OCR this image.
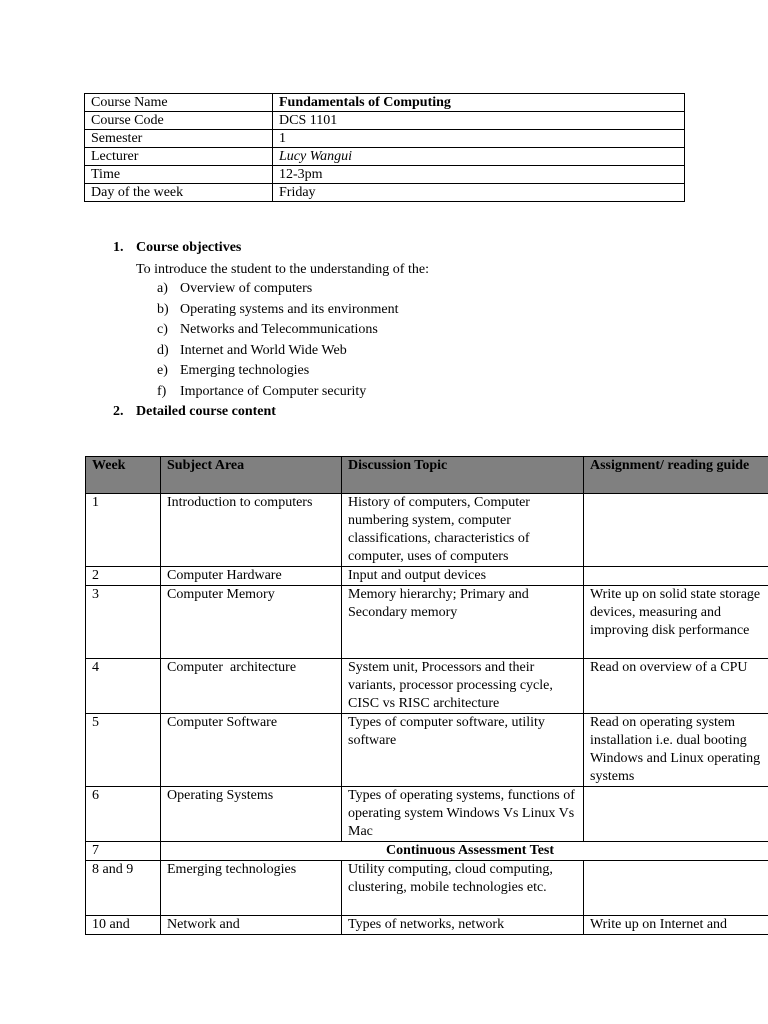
Course Name	Fundamentals of Computing
Course Code	DCS 1101
Semester	1
Lecturer	Lucy Wangui
Time	12-3pm
Day of the week	Friday
1. Course objectives
To introduce the student to the understanding of the:
a) Overview of computers
b) Operating systems and its environment
c) Networks and Telecommunications
d) Internet and World Wide Web
e) Emerging technologies
f) Importance of Computer security
2. Detailed course content
Week	Subject Area	Discussion Topic	Assignment/ reading guide
1	Introduction to computers	History of computers, Computer numbering system, computer classifications, characteristics of computer, uses of computers	
2	Computer Hardware	Input and output devices	
3	Computer Memory	Memory hierarchy; Primary and Secondary memory	Write up on solid state storage devices, measuring and improving disk performance
4	Computer  architecture	System unit, Processors and their variants, processor processing cycle, CISC vs RISC architecture	Read on overview of a CPU
5	Computer Software	Types of computer software, utility software	Read on operating system installation i.e. dual booting Windows and Linux operating systems
6	Operating Systems	Types of operating systems, functions of operating system Windows Vs Linux Vs Mac	
7	Continuous Assessment Test		
8 and 9	Emerging technologies	Utility computing, cloud computing, clustering, mobile technologies etc.	
10 and	Network and	Types of networks, network	Write up on Internet and
